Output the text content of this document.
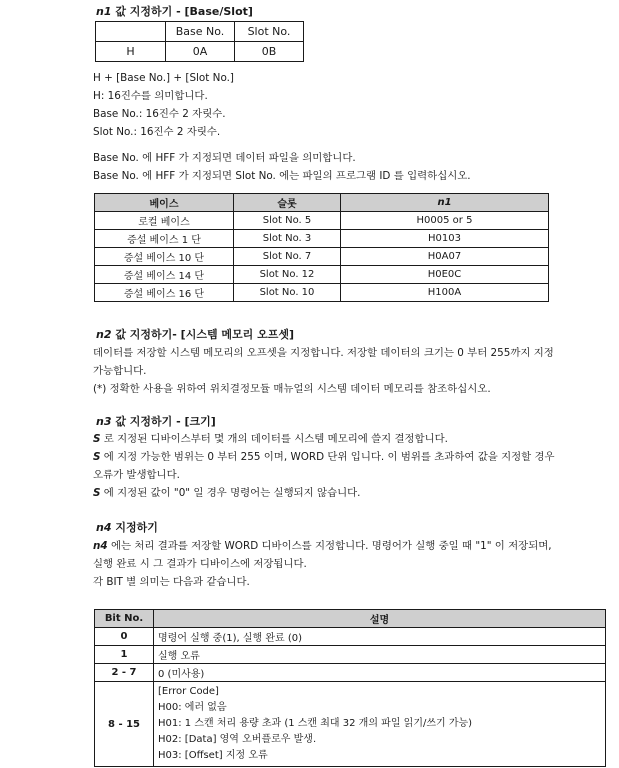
n1 값 지정하기 - [Base/Slot]
	Base No.	Slot No.
H	0A	0B
H + [Base No.] + [Slot No.]
H: 16진수를 의미합니다.
Base No.: 16진수 2 자릿수.
Slot No.: 16진수 2 자릿수.
Base No. 에 HFF 가 지정되면 데이터 파일을 의미합니다.
Base No. 에 HFF 가 지정되면 Slot No. 에는 파일의 프로그램 ID 를 입력하십시오.
베이스	슬롯	n1
로컬 베이스	Slot No. 5	H0005 or 5
증설 베이스 1 단	Slot No. 3	H0103
증설 베이스 10 단	Slot No. 7	H0A07
증설 베이스 14 단	Slot No. 12	H0E0C
증설 베이스 16 단	Slot No. 10	H100A
n2 값 지정하기- [시스템 메모리 오프셋]
데이터를 저장할 시스템 메모리의 오프셋을 지정합니다. 저장할 데이터의 크기는 0 부터 255까지 지정
가능합니다.
(*) 정확한 사용을 위하여 위치결정모듈 매뉴얼의 시스템 데이터 메모리를 참조하십시오.
n3 값 지정하기 - [크기]
S 로 지정된 디바이스부터 몇 개의 데이터를 시스템 메모리에 쓸지 결정합니다.
S 에 지정 가능한 범위는 0 부터 255 이며, WORD 단위 입니다. 이 범위를 초과하여 값을 지정할 경우
오류가 발생합니다.
S 에 지정된 값이 "0" 일 경우 명령어는 실행되지 않습니다.
n4 지정하기
n4 에는 처리 결과를 저장할 WORD 디바이스를 지정합니다. 명령어가 실행 중일 때 "1" 이 저장되며,
실행 완료 시 그 결과가 디바이스에 저장됩니다.
각 BIT 별 의미는 다음과 같습니다.
Bit No.	설명
0	명령어 실행 중(1), 실행 완료 (0)
1	실행 오류
2 - 7	0 (미사용)
8 - 15	[Error Code]
H00: 에러 없음
H01: 1 스캔 처리 용량 초과 (1 스캔 최대 32 개의 파일 읽기/쓰기 가능)
H02: [Data] 영역 오버플로우 발생.
H03: [Offset] 지정 오류
